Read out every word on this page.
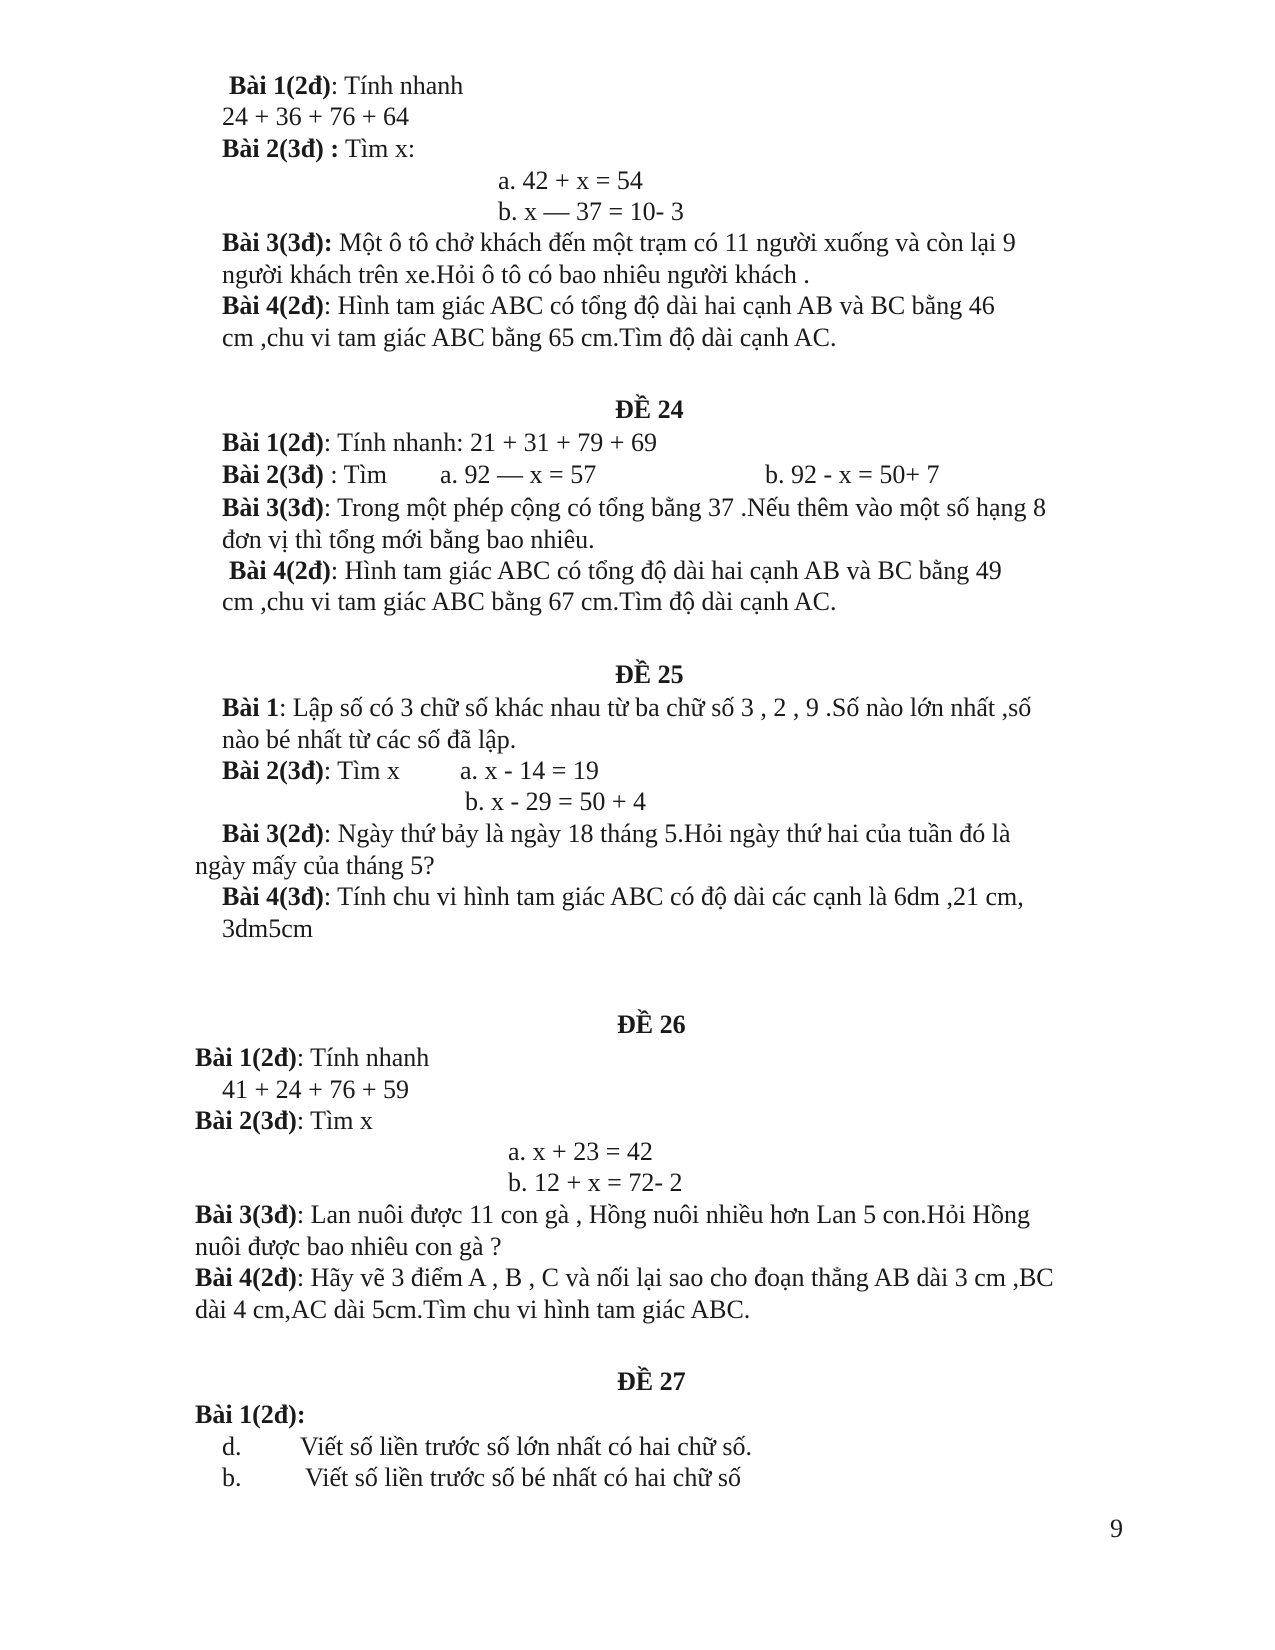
Bài 1(2đ): Tính nhanh
24 + 36 + 76 + 64
Bài 2(3đ) : Tìm x:
a. 42 + x = 54
b. x — 37 = 10- 3
Bài 3(3đ): Một ô tô chở khách đến một trạm có 11 người xuống và còn lại 9
người khách trên xe.Hỏi ô tô có bao nhiêu người khách .
Bài 4(2đ): Hình tam giác ABC có tổng độ dài hai cạnh AB và BC bằng 46
cm ,chu vi tam giác ABC bằng 65 cm.Tìm độ dài cạnh AC.
ĐỀ 24
Bài 1(2đ): Tính nhanh: 21 + 31 + 79 + 69
Bài 2(3đ) : Tìm a. 92 — x = 57	b. 92 - x = 50+ 7
Bài 3(3đ): Trong một phép cộng có tổng bằng 37 .Nếu thêm vào một số hạng 8
đơn vị thì tổng mới bằng bao nhiêu.
Bài 4(2đ): Hình tam giác ABC có tổng độ dài hai cạnh AB và BC bằng 49
cm ,chu vi tam giác ABC bằng 67 cm.Tìm độ dài cạnh AC.
ĐỀ 25
Bài 1: Lập số có 3 chữ số khác nhau từ ba chữ số 3 , 2 , 9 .Số nào lớn nhất ,số
nào bé nhất từ các số đã lập.
Bài 2(3đ): Tìm x a. x - 14 = 19
b. x - 29 = 50 + 4
Bài 3(2đ): Ngày thứ bảy là ngày 18 tháng 5.Hỏi ngày thứ hai của tuần đó là
ngày mấy của tháng 5?
Bài 4(3đ): Tính chu vi hình tam giác ABC có độ dài các cạnh là 6dm ,21 cm,
3dm5cm
ĐỀ 26
Bài 1(2đ): Tính nhanh
41 + 24 + 76 + 59
Bài 2(3đ): Tìm x
a. x + 23 = 42
b. 12 + x = 72- 2
Bài 3(3đ): Lan nuôi được 11 con gà , Hồng nuôi nhiều hơn Lan 5 con.Hỏi Hồng
nuôi được bao nhiêu con gà ?
Bài 4(2đ): Hãy vẽ 3 điểm A , B , C và nối lại sao cho đoạn thẳng AB dài 3 cm ,BC
dài 4 cm,AC dài 5cm.Tìm chu vi hình tam giác ABC.
ĐỀ 27
Bài 1(2đ):
d. Viết số liền trước số lớn nhất có hai chữ số.
b. Viết số liền trước số bé nhất có hai chữ số
9
